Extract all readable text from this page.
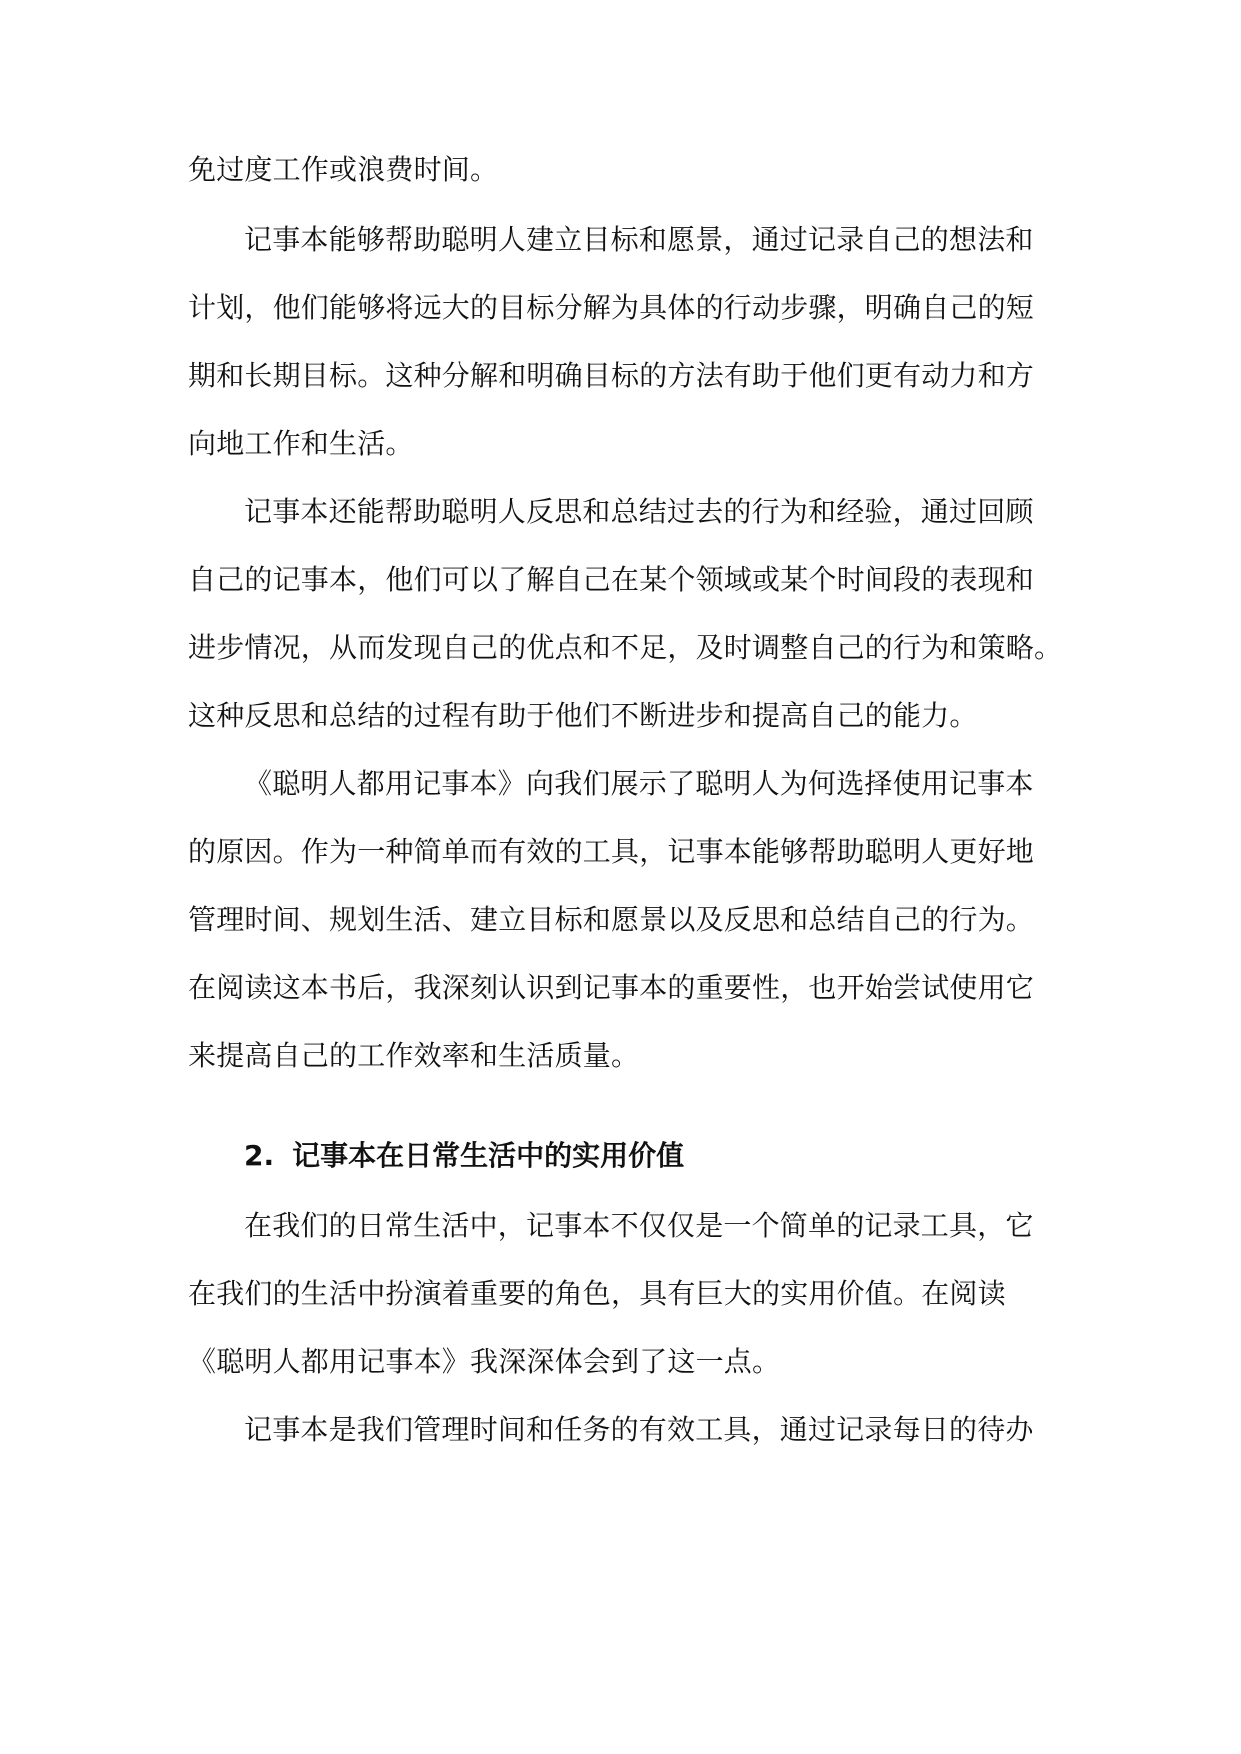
免过度工作或浪费时间。
记事本能够帮助聪明人建立目标和愿景，通过记录自己的想法和
计划，他们能够将远大的目标分解为具体的行动步骤，明确自己的短
期和长期目标。这种分解和明确目标的方法有助于他们更有动力和方
向地工作和生活。
记事本还能帮助聪明人反思和总结过去的行为和经验，通过回顾
自己的记事本，他们可以了解自己在某个领域或某个时间段的表现和
进步情况，从而发现自己的优点和不足，及时调整自己的行为和策略。
这种反思和总结的过程有助于他们不断进步和提高自己的能力。
《聪明人都用记事本》向我们展示了聪明人为何选择使用记事本
的原因。作为一种简单而有效的工具，记事本能够帮助聪明人更好地
管理时间、规划生活、建立目标和愿景以及反思和总结自己的行为。
在阅读这本书后，我深刻认识到记事本的重要性，也开始尝试使用它
来提高自己的工作效率和生活质量。
2. 记事本在日常生活中的实用价值
在我们的日常生活中，记事本不仅仅是一个简单的记录工具，它
在我们的生活中扮演着重要的角色，具有巨大的实用价值。在阅读
《聪明人都用记事本》我深深体会到了这一点。
记事本是我们管理时间和任务的有效工具，通过记录每日的待办
